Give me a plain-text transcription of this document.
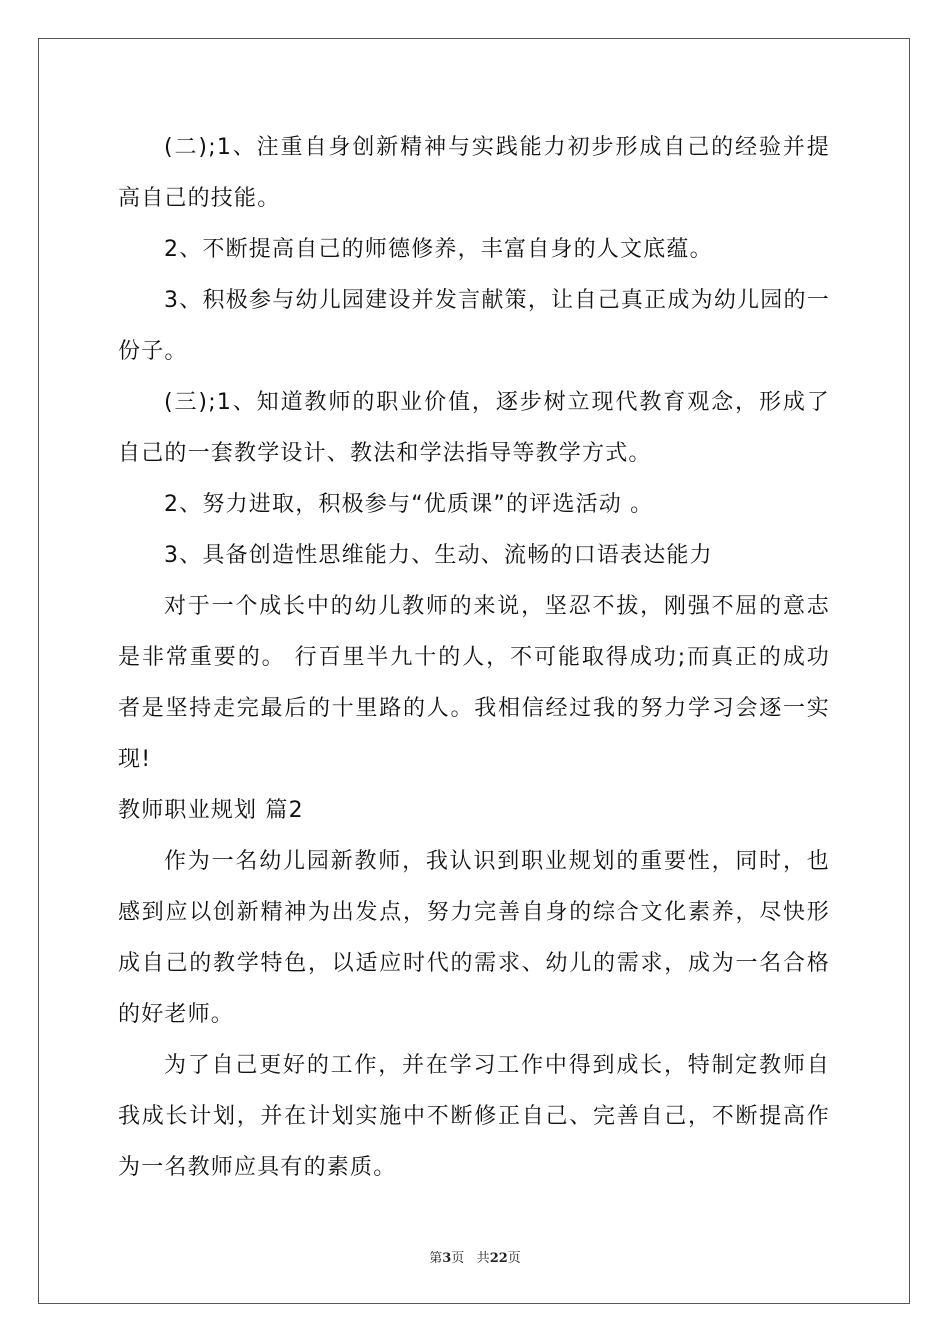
(二);1、注重自身创新精神与实践能力初步形成自己的经验并提高自己的技能。

2、不断提高自己的师德修养，丰富自身的人文底蕴。

3、积极参与幼儿园建设并发言献策，让自己真正成为幼儿园的一份子。

(三);1、知道教师的职业价值，逐步树立现代教育观念，形成了自己的一套教学设计、教法和学法指导等教学方式。

2、努力进取，积极参与“优质课”的评选活动 。

3、具备创造性思维能力、生动、流畅的口语表达能力

对于一个成长中的幼儿教师的来说，坚忍不拔，刚强不屈的意志是非常重要的。 行百里半九十的人，不可能取得成功;而真正的成功者是坚持走完最后的十里路的人。我相信经过我的努力学习会逐一实现!

教师职业规划 篇2

作为一名幼儿园新教师，我认识到职业规划的重要性，同时，也感到应以创新精神为出发点，努力完善自身的综合文化素养，尽快形成自己的教学特色，以适应时代的需求、幼儿的需求，成为一名合格的好老师。

为了自己更好的工作，并在学习工作中得到成长，特制定教师自我成长计划，并在计划实施中不断修正自己、完善自己，不断提高作为一名教师应具有的素质。

第3页 共22页
